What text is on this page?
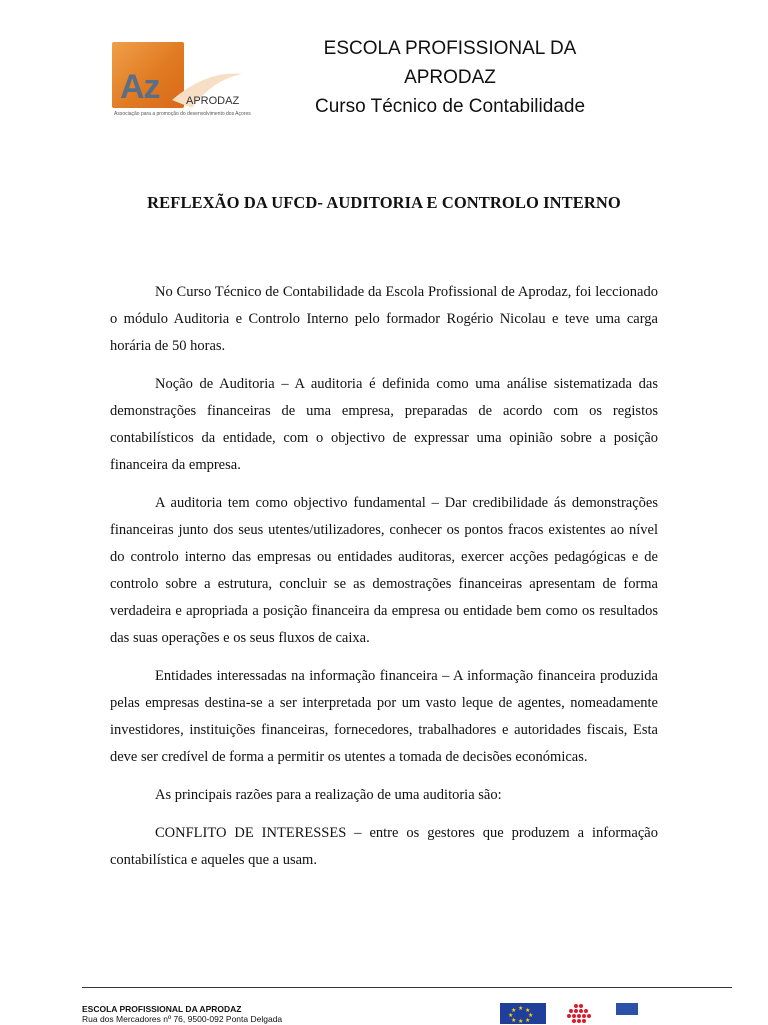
Az APRODAZ
Associação para a promoção do desenvolvimento dos Açores
ESCOLA PROFISSIONAL DA
APRODAZ
Curso Técnico de Contabilidade
REFLEXÃO DA UFCD- AUDITORIA E CONTROLO INTERNO

No Curso Técnico de Contabilidade da Escola Profissional de Aprodaz, foi leccionado o módulo Auditoria e Controlo Interno pelo formador Rogério Nicolau e teve uma carga horária de 50 horas.

Noção de Auditoria – A auditoria é definida como uma análise sistematizada das demonstrações financeiras de uma empresa, preparadas de acordo com os registos contabilísticos da entidade, com o objectivo de expressar uma opinião sobre a posição financeira da empresa.

A auditoria tem como objectivo fundamental – Dar credibilidade ás demonstrações financeiras junto dos seus utentes/utilizadores, conhecer os pontos fracos existentes ao nível do controlo interno das empresas ou entidades auditoras, exercer acções pedagógicas e de controlo sobre a estrutura, concluir se as demostrações financeiras apresentam de forma verdadeira e apropriada a posição financeira da empresa ou entidade bem como os resultados das suas operações e os seus fluxos de caixa.

Entidades interessadas na informação financeira – A informação financeira produzida pelas empresas destina-se a ser interpretada por um vasto leque de agentes, nomeadamente investidores, instituições financeiras, fornecedores, trabalhadores e autoridades fiscais, Esta deve ser credível de forma a permitir os utentes a tomada de decisões económicas.

As principais razões para a realização de uma auditoria são:

CONFLITO DE INTERESSES – entre os gestores que produzem a informação contabilística e aqueles que a usam.

ESCOLA PROFISSIONAL DA APRODAZ
Rua dos Mercadores nº 76, 9500-092 Ponta Delgada
★ ★
★
★ ★
★ ★
★
